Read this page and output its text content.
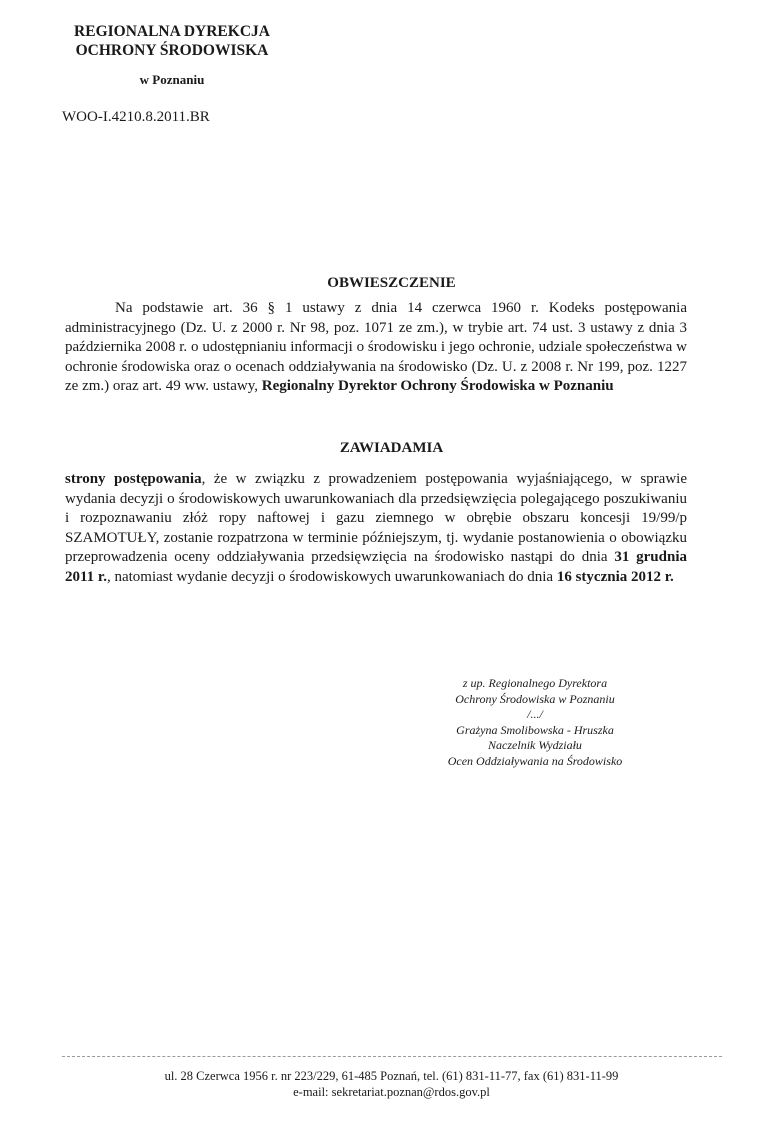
REGIONALNA DYREKCJA
OCHRONY ŚRODOWISKA
w Poznaniu
WOO-I.4210.8.2011.BR
OBWIESZCZENIE
Na podstawie art. 36 § 1 ustawy z dnia 14 czerwca 1960 r. Kodeks postępowania administracyjnego (Dz. U. z 2000 r. Nr 98, poz. 1071 ze zm.), w trybie art. 74 ust. 3 ustawy z dnia 3 października 2008 r. o udostępnianiu informacji o środowisku i jego ochronie, udziale społeczeństwa w ochronie środowiska oraz o ocenach oddziaływania na środowisko (Dz. U. z 2008 r. Nr 199, poz. 1227 ze zm.) oraz art. 49 ww. ustawy, Regionalny Dyrektor Ochrony Środowiska w Poznaniu
ZAWIADAMIA
strony postępowania, że w związku z prowadzeniem postępowania wyjaśniającego, w sprawie wydania decyzji o środowiskowych uwarunkowaniach dla przedsięwzięcia polegającego poszukiwaniu i rozpoznawaniu złóż ropy naftowej i gazu ziemnego w obrębie obszaru koncesji 19/99/p SZAMOTUŁY, zostanie rozpatrzona w terminie późniejszym, tj. wydanie postanowienia o obowiązku przeprowadzenia oceny oddziaływania przedsięwzięcia na środowisko nastąpi do dnia 31 grudnia 2011 r., natomiast wydanie decyzji o środowiskowych uwarunkowaniach do dnia 16 stycznia 2012 r.
z up. Regionalnego Dyrektora
Ochrony Środowiska w Poznaniu
/.../
Grażyna Smolibowska - Hruszka
Naczelnik Wydziału
Ocen Oddziaływania na Środowisko
ul. 28 Czerwca 1956 r. nr 223/229, 61-485 Poznań, tel. (61) 831-11-77, fax (61) 831-11-99
e-mail: sekretariat.poznan@rdos.gov.pl
